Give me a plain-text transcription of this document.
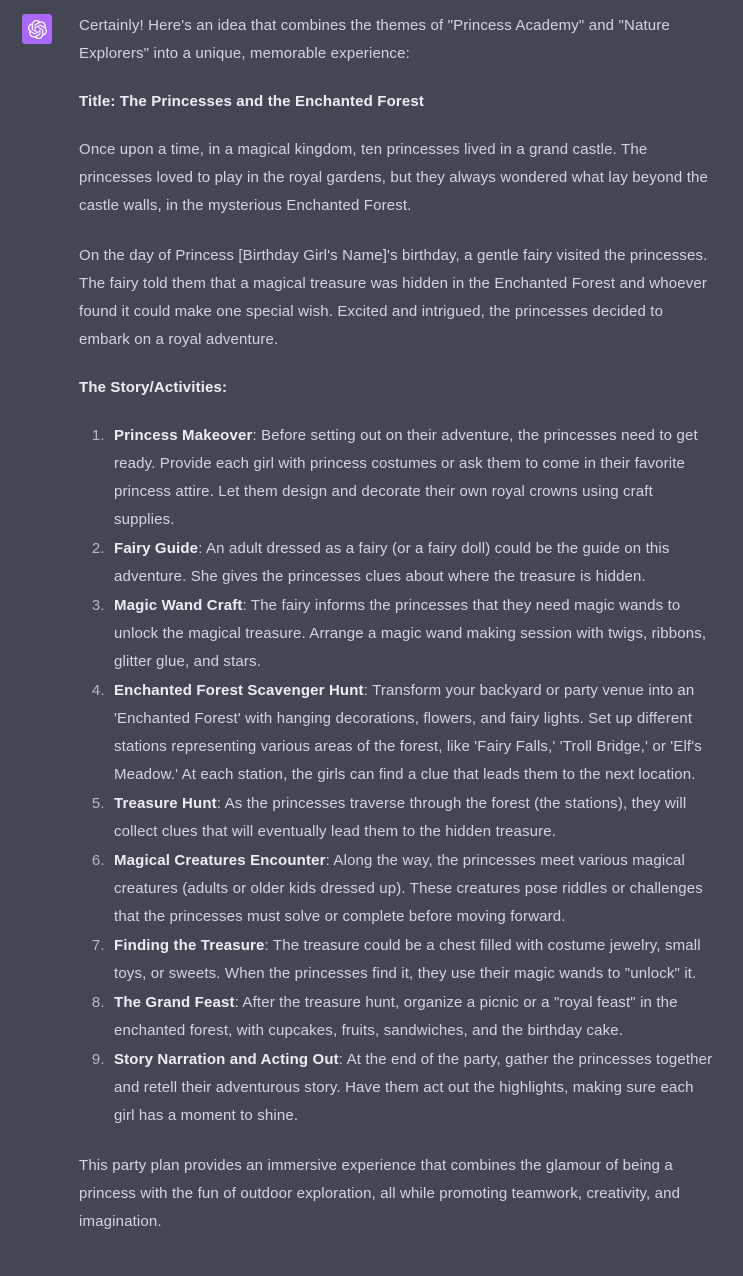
Certainly! Here's an idea that combines the themes of "Princess Academy" and "Nature Explorers" into a unique, memorable experience:

Title: The Princesses and the Enchanted Forest

Once upon a time, in a magical kingdom, ten princesses lived in a grand castle. The princesses loved to play in the royal gardens, but they always wondered what lay beyond the castle walls, in the mysterious Enchanted Forest.

On the day of Princess [Birthday Girl's Name]'s birthday, a gentle fairy visited the princesses. The fairy told them that a magical treasure was hidden in the Enchanted Forest and whoever found it could make one special wish. Excited and intrigued, the princesses decided to embark on a royal adventure.

The Story/Activities:
1. Princess Makeover: Before setting out on their adventure, the princesses need to get ready. Provide each girl with princess costumes or ask them to come in their favorite princess attire. Let them design and decorate their own royal crowns using craft supplies.
2. Fairy Guide: An adult dressed as a fairy (or a fairy doll) could be the guide on this adventure. She gives the princesses clues about where the treasure is hidden.
3. Magic Wand Craft: The fairy informs the princesses that they need magic wands to unlock the magical treasure. Arrange a magic wand making session with twigs, ribbons, glitter glue, and stars.
4. Enchanted Forest Scavenger Hunt: Transform your backyard or party venue into an 'Enchanted Forest' with hanging decorations, flowers, and fairy lights. Set up different stations representing various areas of the forest, like 'Fairy Falls,' 'Troll Bridge,' or 'Elf's Meadow.' At each station, the girls can find a clue that leads them to the next location.
5. Treasure Hunt: As the princesses traverse through the forest (the stations), they will collect clues that will eventually lead them to the hidden treasure.
6. Magical Creatures Encounter: Along the way, the princesses meet various magical creatures (adults or older kids dressed up). These creatures pose riddles or challenges that the princesses must solve or complete before moving forward.
7. Finding the Treasure: The treasure could be a chest filled with costume jewelry, small toys, or sweets. When the princesses find it, they use their magic wands to "unlock" it.
8. The Grand Feast: After the treasure hunt, organize a picnic or a "royal feast" in the enchanted forest, with cupcakes, fruits, sandwiches, and the birthday cake.
9. Story Narration and Acting Out: At the end of the party, gather the princesses together and retell their adventurous story. Have them act out the highlights, making sure each girl has a moment to shine.

This party plan provides an immersive experience that combines the glamour of being a princess with the fun of outdoor exploration, all while promoting teamwork, creativity, and imagination.
